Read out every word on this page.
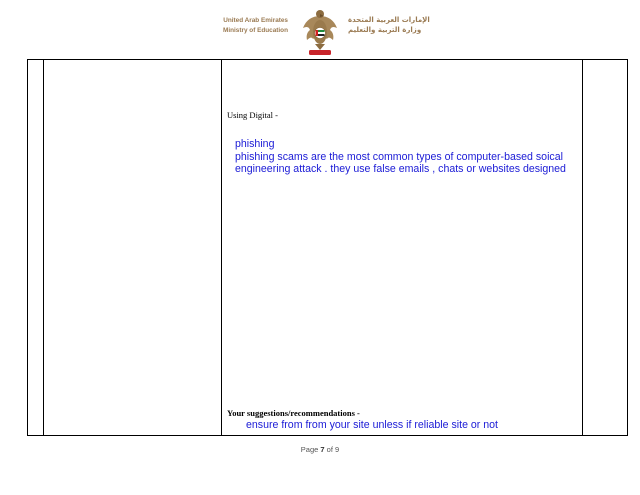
United Arab Emirates
Ministry of Education
الإمارات العربية المتحدة
وزارة التربية والتعليم
Using Digital -
phishing
phishing scams are the most common types of computer-based soical
engineering attack . they use false emails , chats or websites designed
Your suggestions/recommendations -
ensure from from your site unless if reliable site or not
Page 7 of 9
